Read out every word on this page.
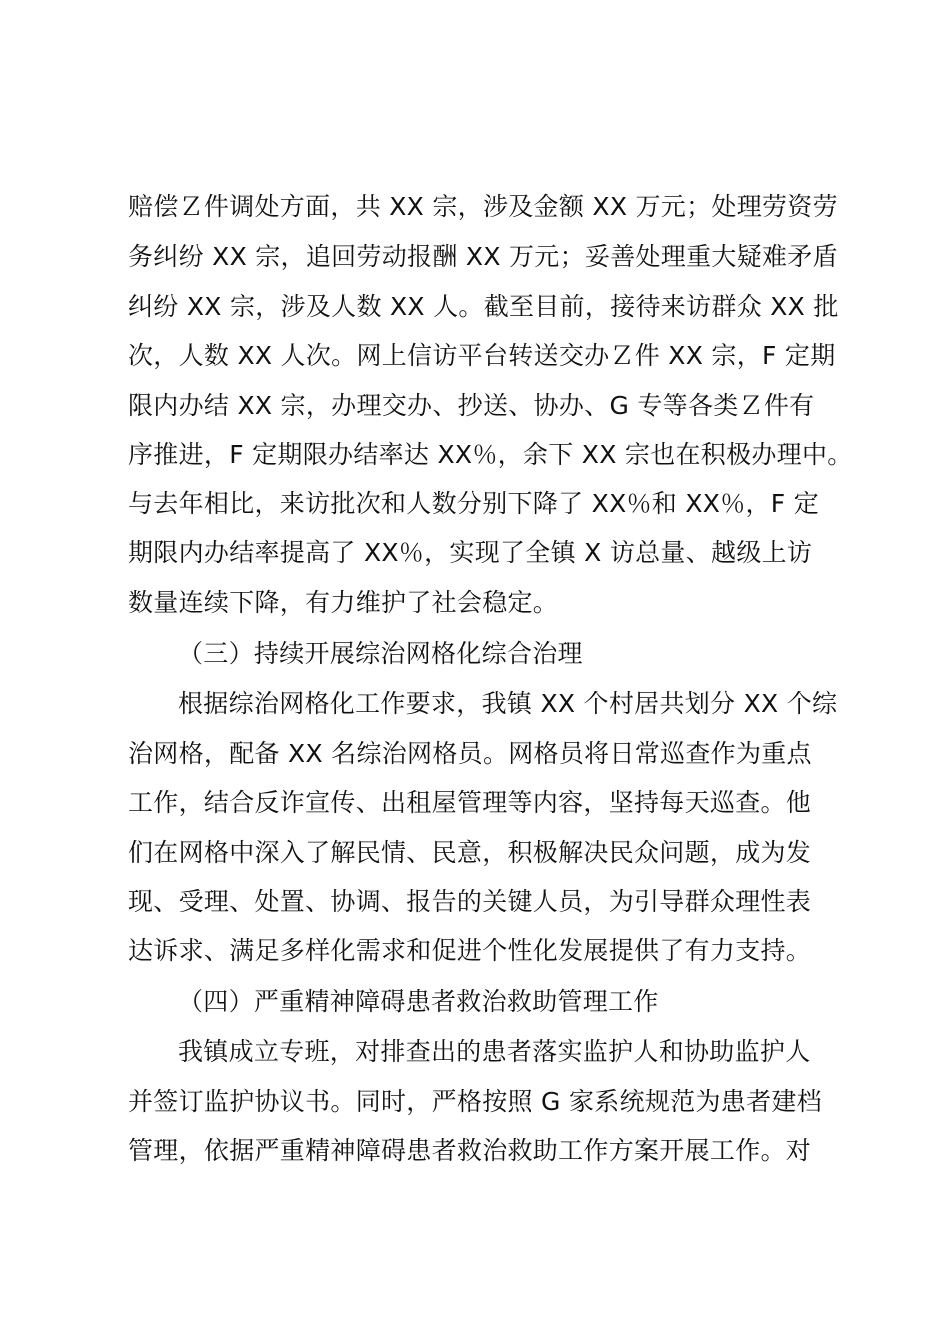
赔偿Ｚ件调处方面，共 XX 宗，涉及金额 XX 万元；处理劳资劳
务纠纷 XX 宗，追回劳动报酬 XX 万元；妥善处理重大疑难矛盾
纠纷 XX 宗，涉及人数 XX 人。截至目前，接待来访群众 XX 批
次，人数 XX 人次。网上信访平台转送交办Ｚ件 XX 宗，F 定期
限内办结 XX 宗，办理交办、抄送、协办、G 专等各类Ｚ件有
序推进，F 定期限办结率达 XX％，余下 XX 宗也在积极办理中。
与去年相比，来访批次和人数分别下降了 XX％和 XX％，F 定
期限内办结率提高了 XX％，实现了全镇 X 访总量、越级上访
数量连续下降，有力维护了社会稳定。
（三）持续开展综治网格化综合治理
根据综治网格化工作要求，我镇 XX 个村居共划分 XX 个综
治网格，配备 XX 名综治网格员。网格员将日常巡查作为重点
工作，结合反诈宣传、出租屋管理等内容，坚持每天巡查。他
们在网格中深入了解民情、民意，积极解决民众问题，成为发
现、受理、处置、协调、报告的关键人员，为引导群众理性表
达诉求、满足多样化需求和促进个性化发展提供了有力支持。
（四）严重精神障碍患者救治救助管理工作
我镇成立专班，对排查出的患者落实监护人和协助监护人
并签订监护协议书。同时，严格按照 G 家系统规范为患者建档
管理，依据严重精神障碍患者救治救助工作方案开展工作。对
